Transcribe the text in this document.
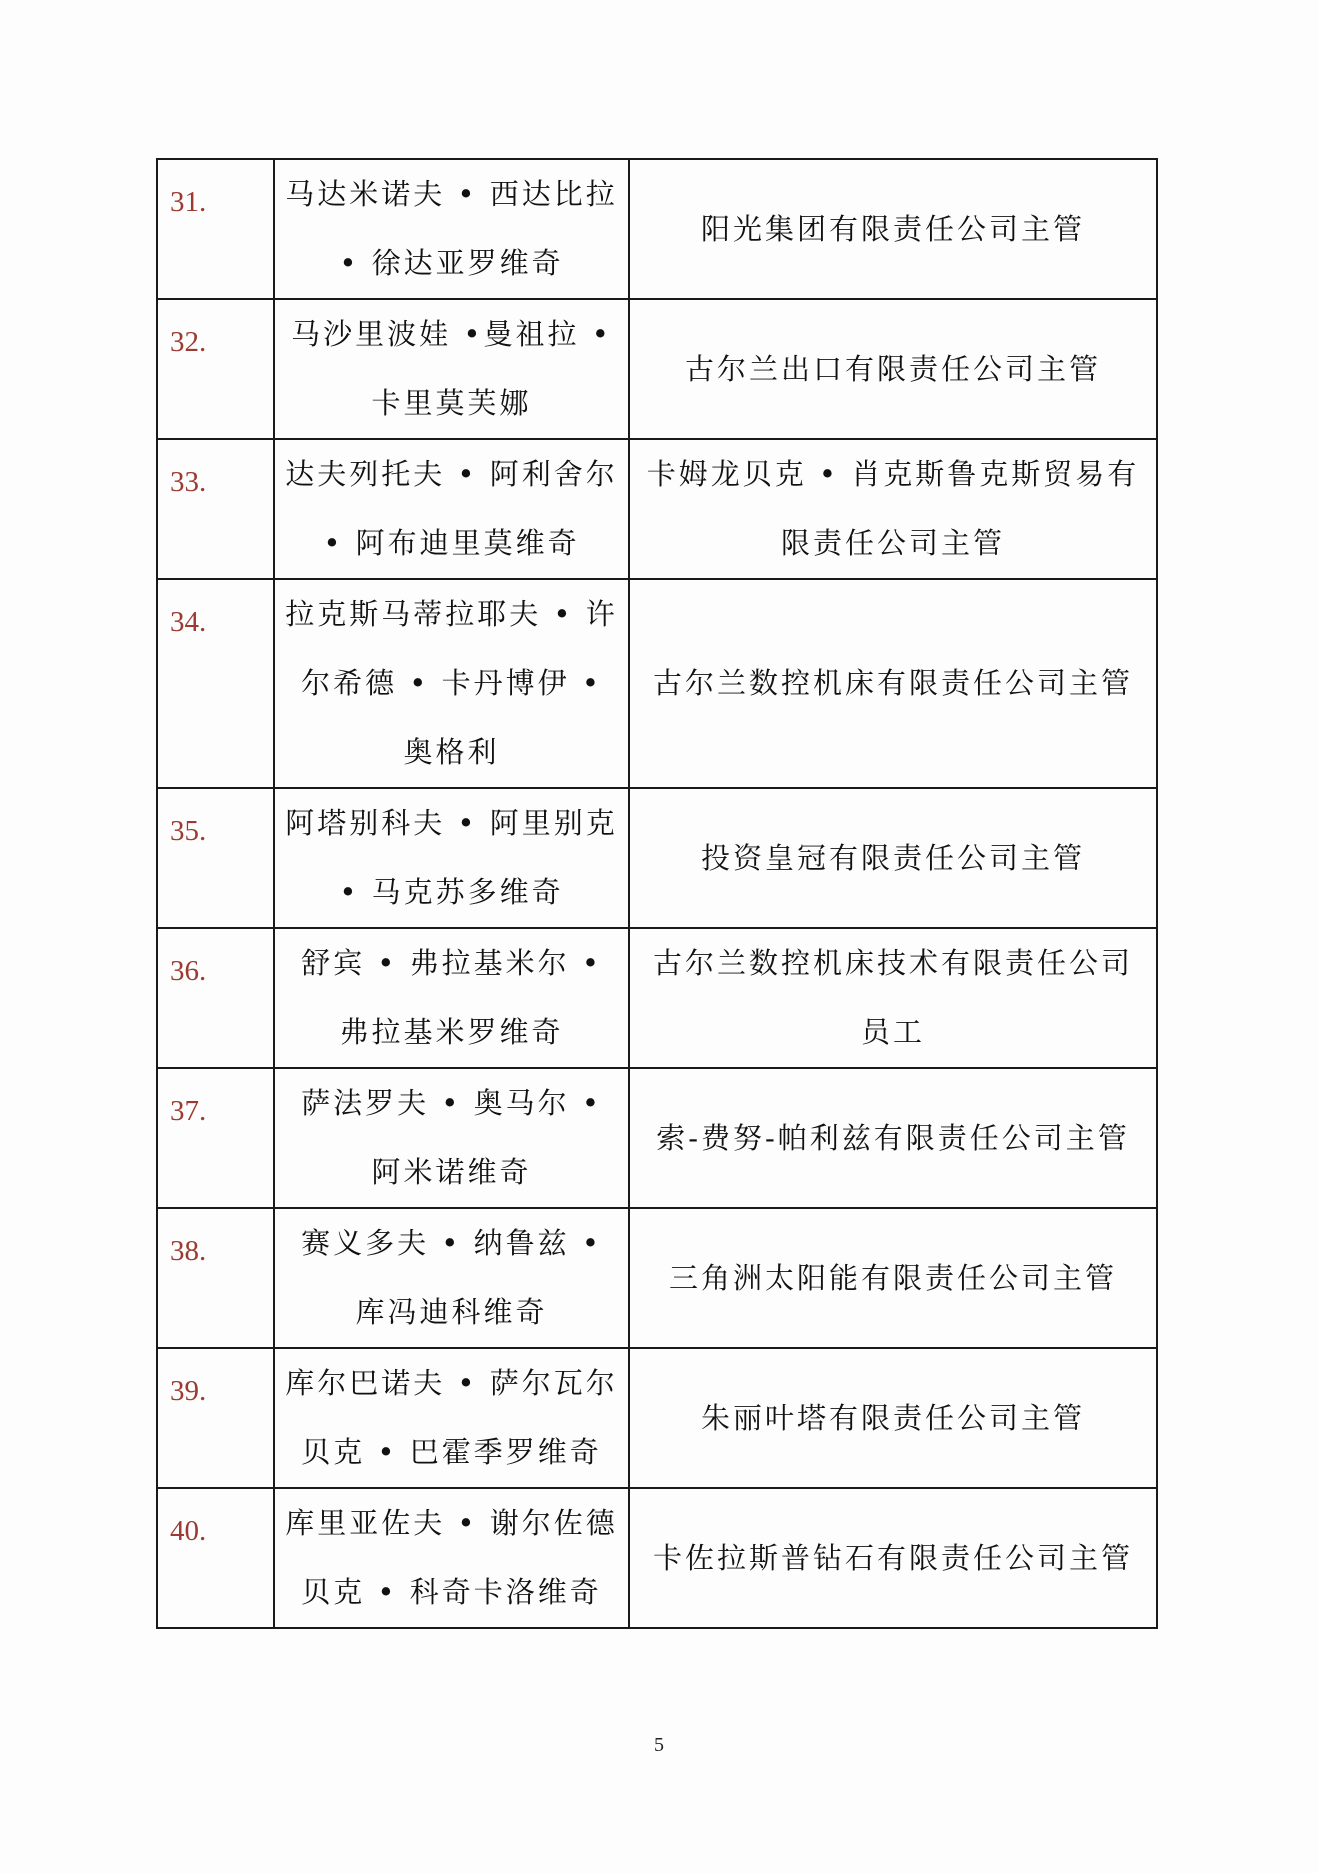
31.	马达米诺夫 • 西达比拉 • 徐达亚罗维奇	阳光集团有限责任公司主管
32.	马沙里波娃 •曼祖拉 •卡里莫芙娜	古尔兰出口有限责任公司主管
33.	达夫列托夫 • 阿利舍尔 • 阿布迪里莫维奇	卡姆龙贝克 • 肖克斯鲁克斯贸易有限责任公司主管
34.	拉克斯马蒂拉耶夫 • 许尔希德 • 卡丹博伊 • 奥格利	古尔兰数控机床有限责任公司主管
35.	阿塔别科夫 • 阿里别克 • 马克苏多维奇	投资皇冠有限责任公司主管
36.	舒宾 • 弗拉基米尔 • 弗拉基米罗维奇	古尔兰数控机床技术有限责任公司员工
37.	萨法罗夫 • 奥马尔 • 阿米诺维奇	索-费努-帕利兹有限责任公司主管
38.	赛义多夫 • 纳鲁兹 • 库冯迪科维奇	三角洲太阳能有限责任公司主管
39.	库尔巴诺夫 • 萨尔瓦尔贝克 • 巴霍季罗维奇	朱丽叶塔有限责任公司主管
40.	库里亚佐夫 • 谢尔佐德贝克 • 科奇卡洛维奇	卡佐拉斯普钻石有限责任公司主管
5
